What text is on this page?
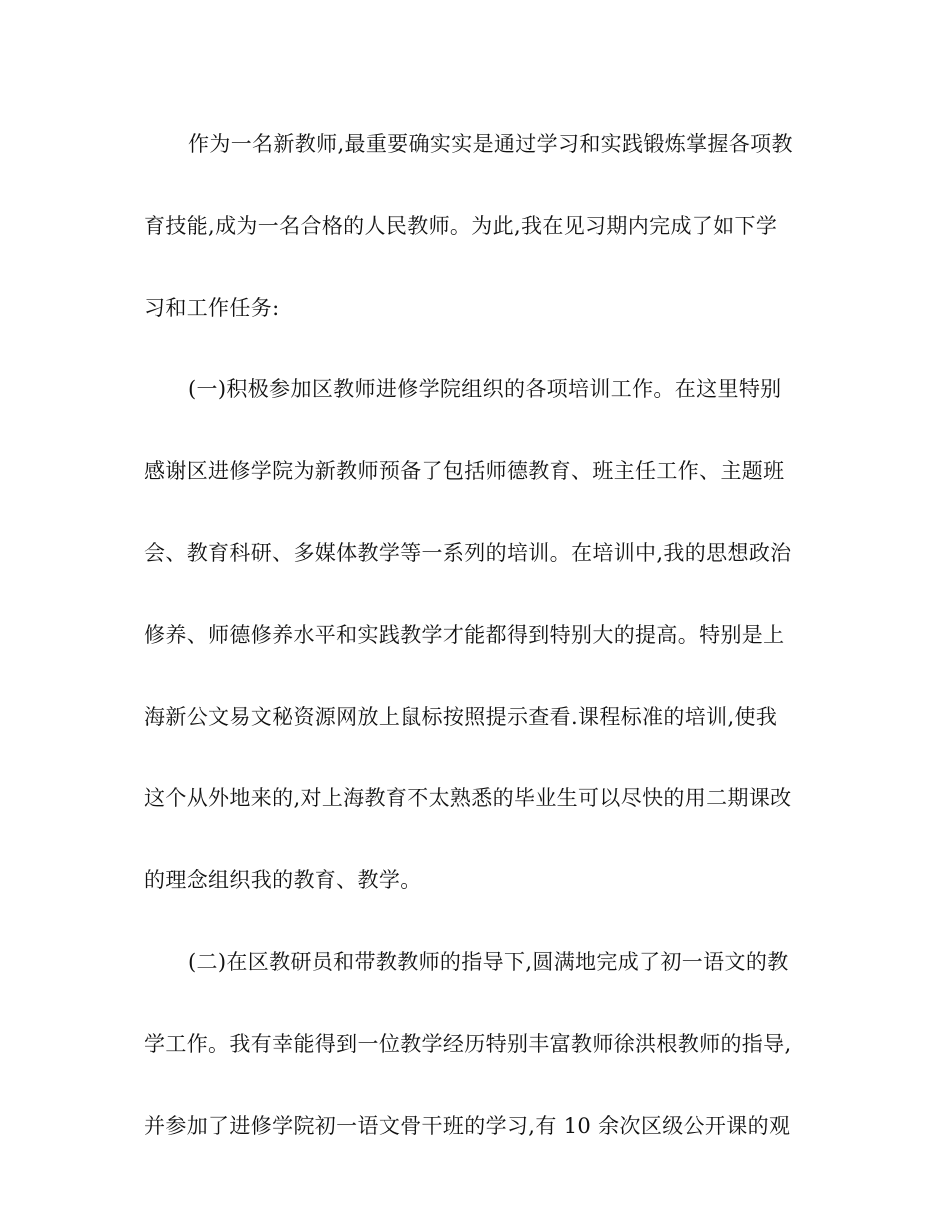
作为一名新教师,最重要确实实是通过学习和实践锻炼掌握各项教
育技能,成为一名合格的人民教师。为此,我在见习期内完成了如下学
习和工作任务:
(一)积极参加区教师进修学院组织的各项培训工作。在这里特别
感谢区进修学院为新教师预备了包括师德教育、班主任工作、主题班
会、教育科研、多媒体教学等一系列的培训。在培训中,我的思想政治
修养、师德修养水平和实践教学才能都得到特别大的提高。特别是上
海新公文易文秘资源网放上鼠标按照提示查看.课程标准的培训,使我
这个从外地来的,对上海教育不太熟悉的毕业生可以尽快的用二期课改
的理念组织我的教育、教学。
(二)在区教研员和带教教师的指导下,圆满地完成了初一语文的教
学工作。我有幸能得到一位教学经历特别丰富教师徐洪根教师的指导,
并参加了进修学院初一语文骨干班的学习,有 10 余次区级公开课的观
